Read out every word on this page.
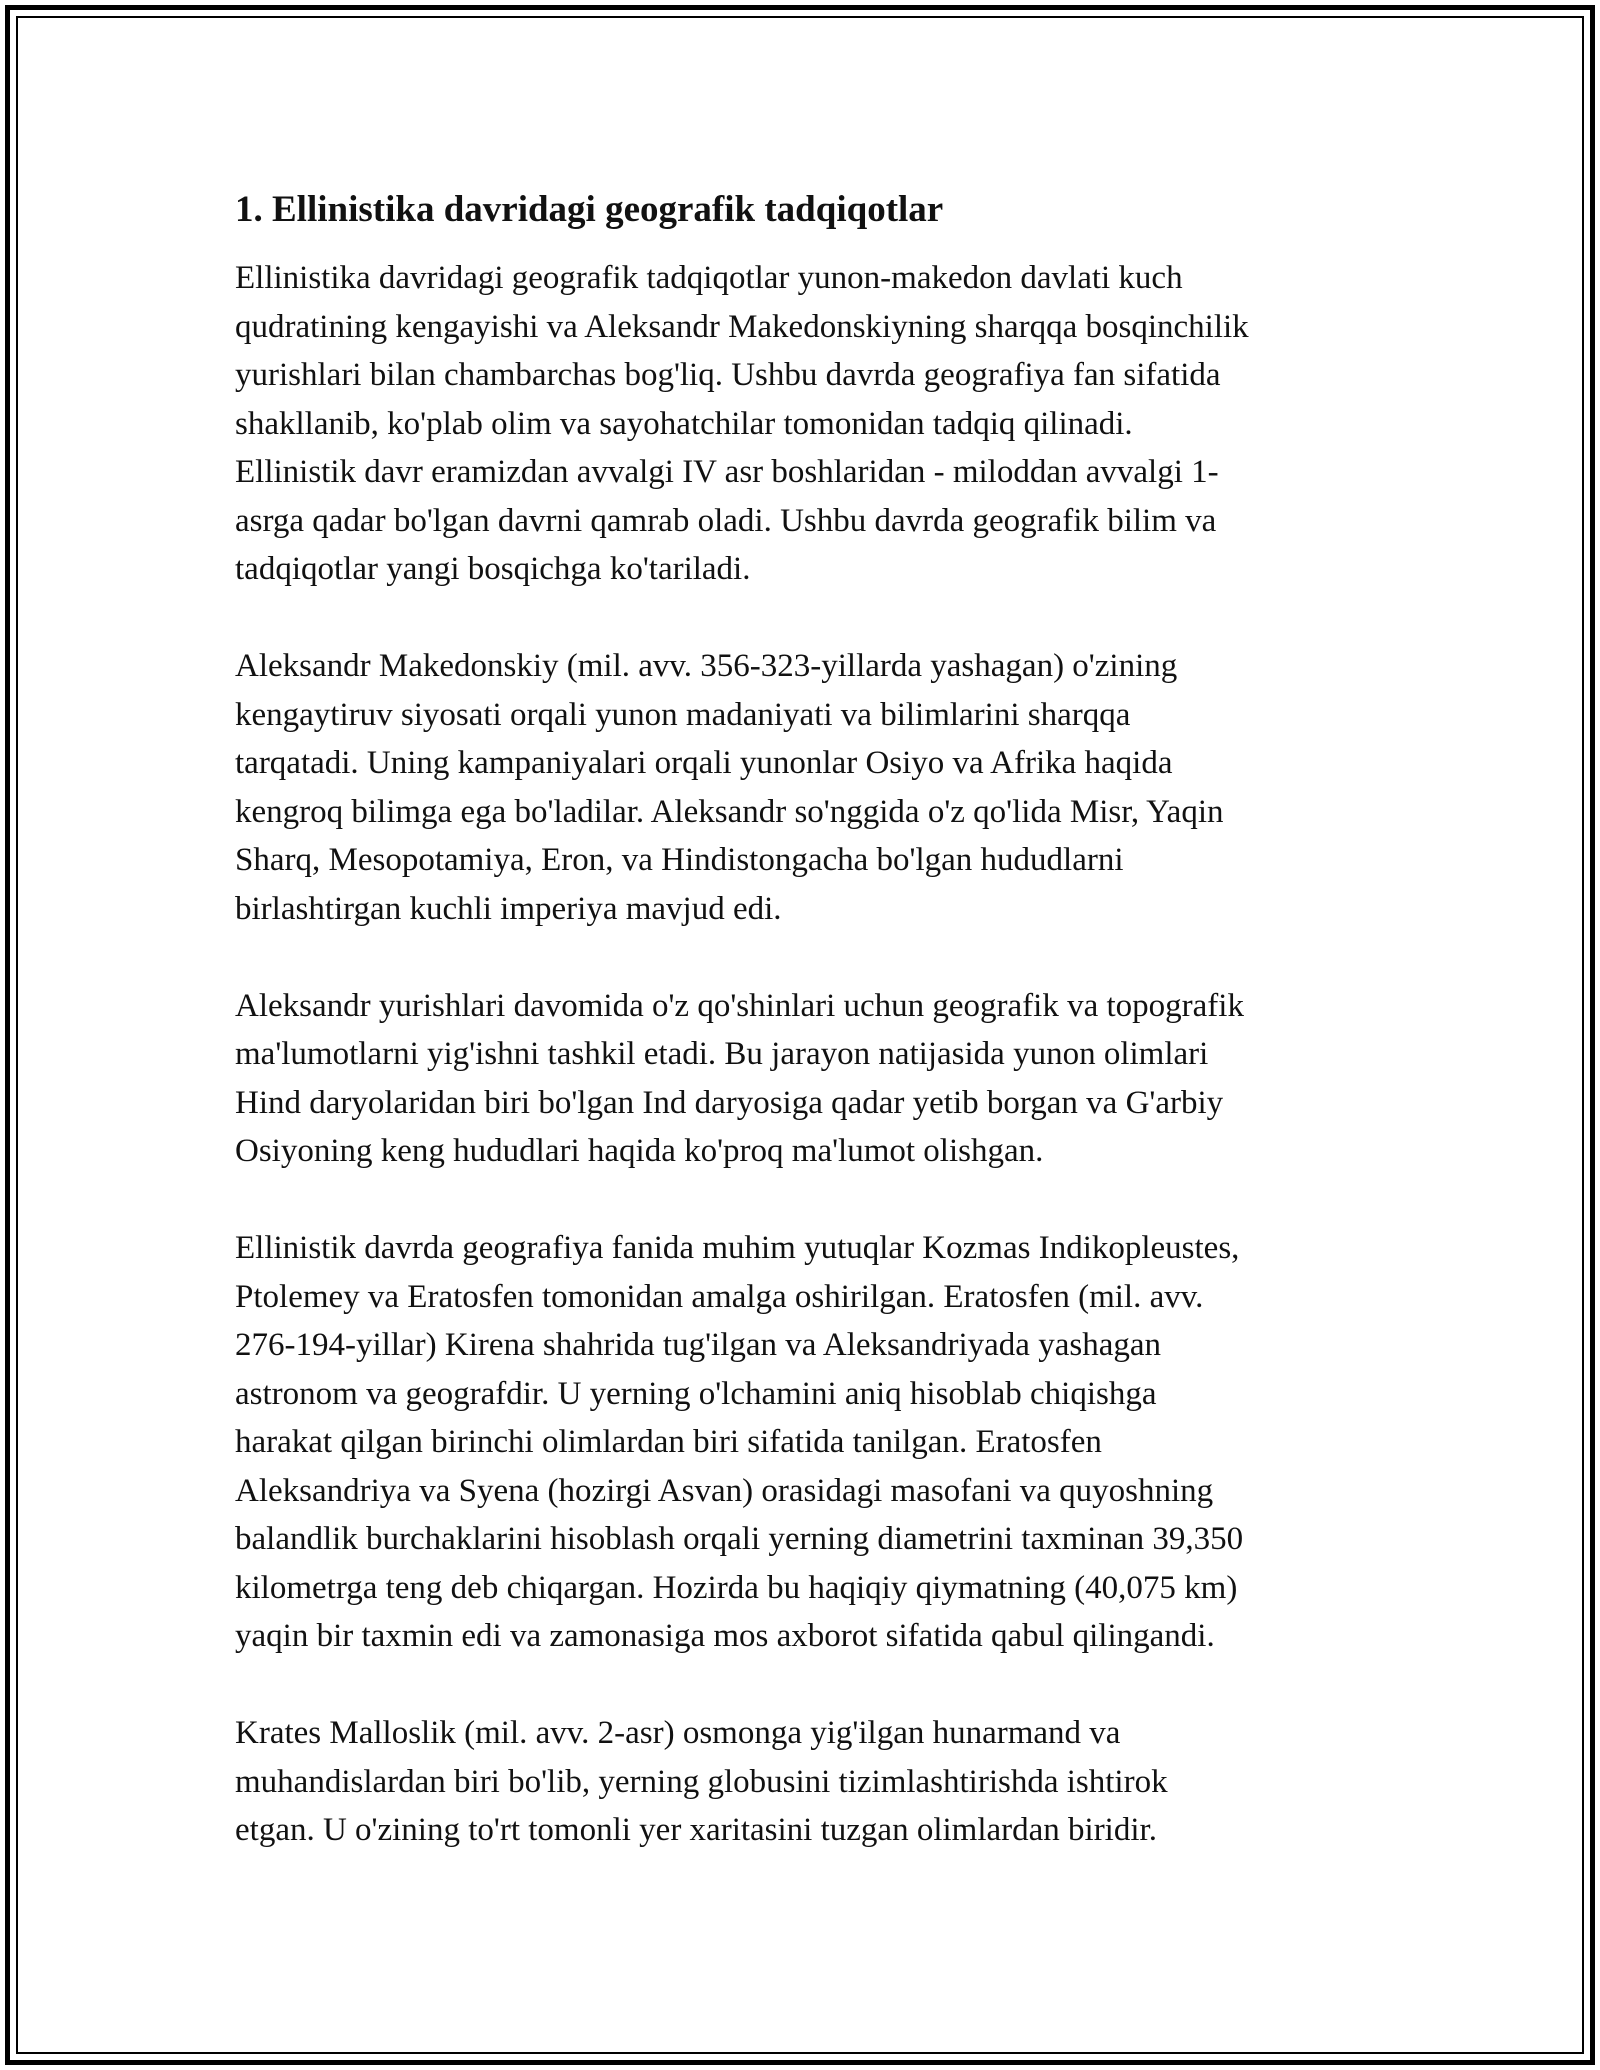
1. Ellinistika davridagi geografik tadqiqotlar

Ellinistika davridagi geografik tadqiqotlar yunon-makedon davlati kuch
qudratining kengayishi va Aleksandr Makedonskiyning sharqqa bosqinchilik
yurishlari bilan chambarchas bog'liq. Ushbu davrda geografiya fan sifatida
shakllanib, ko'plab olim va sayohatchilar tomonidan tadqiq qilinadi.
Ellinistik davr eramizdan avvalgi IV asr boshlaridan - miloddan avvalgi 1-
asrga qadar bo'lgan davrni qamrab oladi. Ushbu davrda geografik bilim va
tadqiqotlar yangi bosqichga ko'tariladi.

Aleksandr Makedonskiy (mil. avv. 356-323-yillarda yashagan) o'zining
kengaytiruv siyosati orqali yunon madaniyati va bilimlarini sharqqa
tarqatadi. Uning kampaniyalari orqali yunonlar Osiyo va Afrika haqida
kengroq bilimga ega bo'ladilar. Aleksandr so'nggida o'z qo'lida Misr, Yaqin
Sharq, Mesopotamiya, Eron, va Hindistongacha bo'lgan hududlarni
birlashtirgan kuchli imperiya mavjud edi.

Aleksandr yurishlari davomida o'z qo'shinlari uchun geografik va topografik
ma'lumotlarni yig'ishni tashkil etadi. Bu jarayon natijasida yunon olimlari
Hind daryolaridan biri bo'lgan Ind daryosiga qadar yetib borgan va G'arbiy
Osiyoning keng hududlari haqida ko'proq ma'lumot olishgan.

Ellinistik davrda geografiya fanida muhim yutuqlar Kozmas Indikopleustes,
Ptolemey va Eratosfen tomonidan amalga oshirilgan. Eratosfen (mil. avv.
276-194-yillar) Kirena shahrida tug'ilgan va Aleksandriyada yashagan
astronom va geografdir. U yerning o'lchamini aniq hisoblab chiqishga
harakat qilgan birinchi olimlardan biri sifatida tanilgan. Eratosfen
Aleksandriya va Syena (hozirgi Asvan) orasidagi masofani va quyoshning
balandlik burchaklarini hisoblash orqali yerning diametrini taxminan 39,350
kilometrga teng deb chiqargan. Hozirda bu haqiqiy qiymatning (40,075 km)
yaqin bir taxmin edi va zamonasiga mos axborot sifatida qabul qilingandi.

Krates Malloslik (mil. avv. 2-asr) osmonga yig'ilgan hunarmand va
muhandislardan biri bo'lib, yerning globusini tizimlashtirishda ishtirok
etgan. U o'zining to'rt tomonli yer xaritasini tuzgan olimlardan biridir.
